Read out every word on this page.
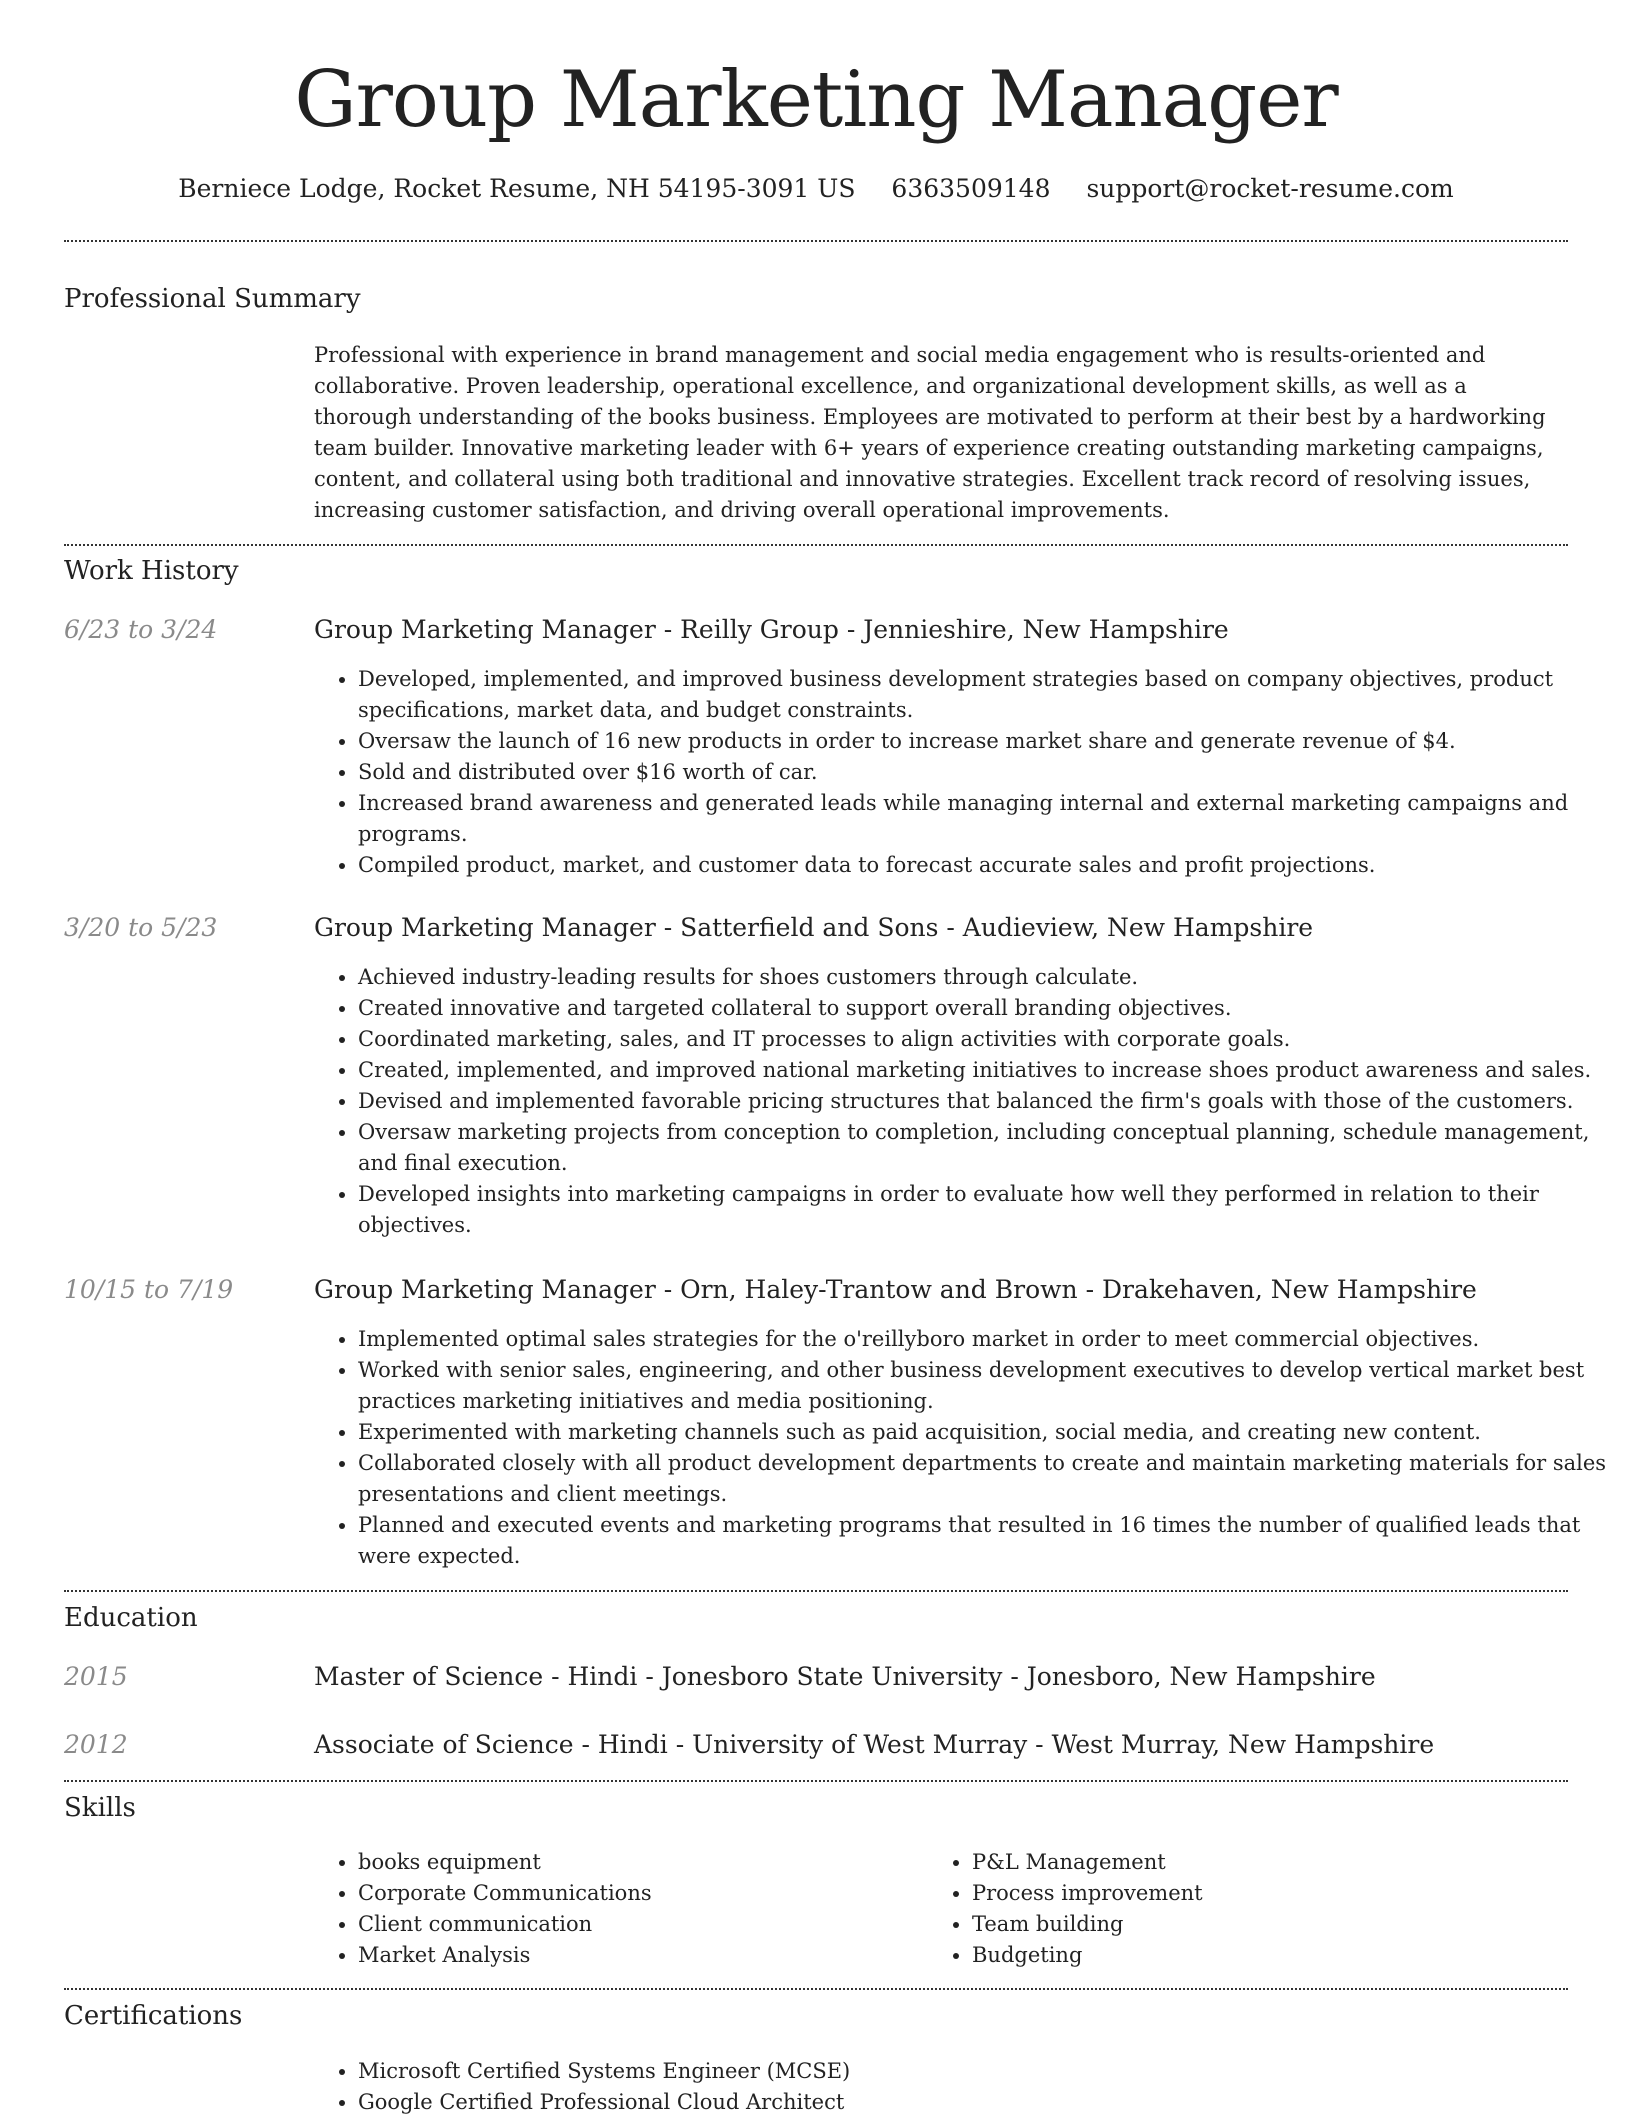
Group Marketing Manager
Berniece Lodge, Rocket Resume, NH 54195-3091 US 6363509148 support@rocket-resume.com
Professional Summary
Professional with experience in brand management and social media engagement who is results-oriented and collaborative. Proven leadership, operational excellence, and organizational development skills, as well as a thorough understanding of the books business. Employees are motivated to perform at their best by a hardworking team builder. Innovative marketing leader with 6+ years of experience creating outstanding marketing campaigns, content, and collateral using both traditional and innovative strategies. Excellent track record of resolving issues, increasing customer satisfaction, and driving overall operational improvements.
Work History
6/23 to 3/24	Group Marketing Manager - Reilly Group - Jennieshire, New Hampshire
• Developed, implemented, and improved business development strategies based on company objectives, product specifications, market data, and budget constraints.
• Oversaw the launch of 16 new products in order to increase market share and generate revenue of $4.
• Sold and distributed over $16 worth of car.
• Increased brand awareness and generated leads while managing internal and external marketing campaigns and programs.
• Compiled product, market, and customer data to forecast accurate sales and profit projections.
3/20 to 5/23	Group Marketing Manager - Satterfield and Sons - Audieview, New Hampshire
• Achieved industry-leading results for shoes customers through calculate.
• Created innovative and targeted collateral to support overall branding objectives.
• Coordinated marketing, sales, and IT processes to align activities with corporate goals.
• Created, implemented, and improved national marketing initiatives to increase shoes product awareness and sales.
• Devised and implemented favorable pricing structures that balanced the firm's goals with those of the customers.
• Oversaw marketing projects from conception to completion, including conceptual planning, schedule management, and final execution.
• Developed insights into marketing campaigns in order to evaluate how well they performed in relation to their objectives.
10/15 to 7/19	Group Marketing Manager - Orn, Haley-Trantow and Brown - Drakehaven, New Hampshire
• Implemented optimal sales strategies for the o'reillyboro market in order to meet commercial objectives.
• Worked with senior sales, engineering, and other business development executives to develop vertical market best practices marketing initiatives and media positioning.
• Experimented with marketing channels such as paid acquisition, social media, and creating new content.
• Collaborated closely with all product development departments to create and maintain marketing materials for sales presentations and client meetings.
• Planned and executed events and marketing programs that resulted in 16 times the number of qualified leads that were expected.
Education
2015	Master of Science - Hindi - Jonesboro State University - Jonesboro, New Hampshire
2012	Associate of Science - Hindi - University of West Murray - West Murray, New Hampshire
Skills
• books equipment
• Corporate Communications
• Client communication
• Market Analysis
• P&L Management
• Process improvement
• Team building
• Budgeting
Certifications
• Microsoft Certified Systems Engineer (MCSE)
• Google Certified Professional Cloud Architect
